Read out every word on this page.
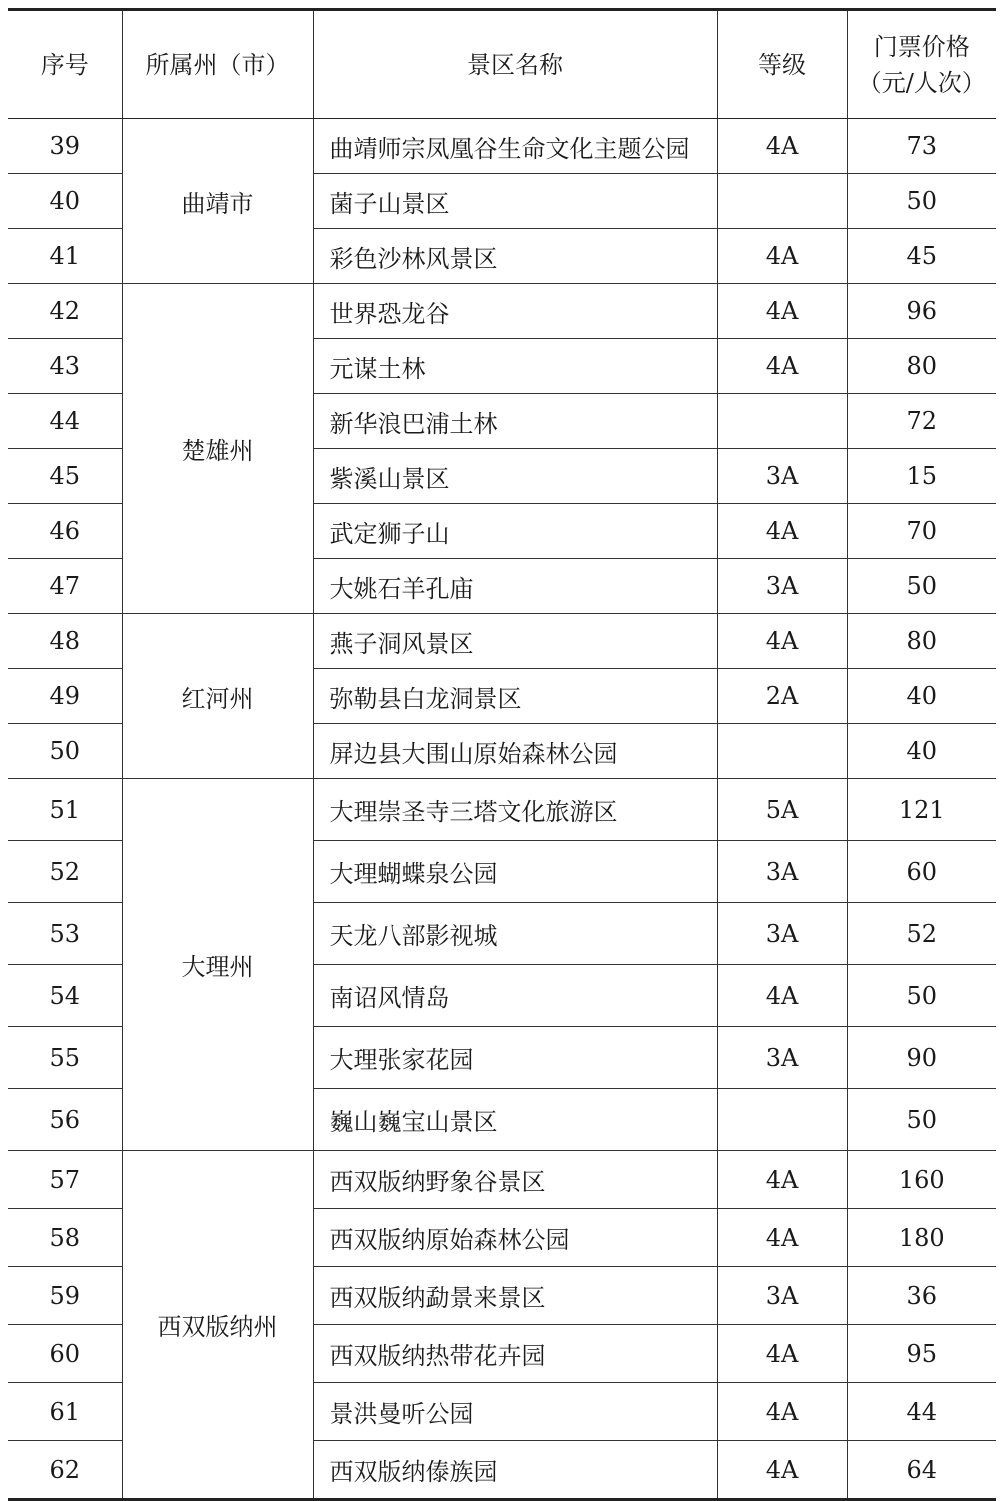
序号	所属州（市）	景区名称	等级	门票价格
（元/人次）

39	曲靖市	曲靖师宗凤凰谷生命文化主题公园	4A	73
40		菌子山景区		50
41		彩色沙林风景区	4A	45
42	楚雄州	世界恐龙谷	4A	96
43		元谋土林	4A	80
44		新华浪巴浦土林		72
45		紫溪山景区	3A	15
46		武定狮子山	4A	70
47		大姚石羊孔庙	3A	50
48	红河州	燕子洞风景区	4A	80
49		弥勒县白龙洞景区	2A	40
50		屏边县大围山原始森林公园		40
51	大理州	大理崇圣寺三塔文化旅游区	5A	121
52		大理蝴蝶泉公园	3A	60
53		天龙八部影视城	3A	52
54		南诏风情岛	4A	50
55		大理张家花园	3A	90
56		巍山巍宝山景区		50
57	西双版纳州	西双版纳野象谷景区	4A	160
58		西双版纳原始森林公园	4A	180
59		西双版纳勐景来景区	3A	36
60		西双版纳热带花卉园	4A	95
61		景洪曼听公园	4A	44
62		西双版纳傣族园	4A	64
